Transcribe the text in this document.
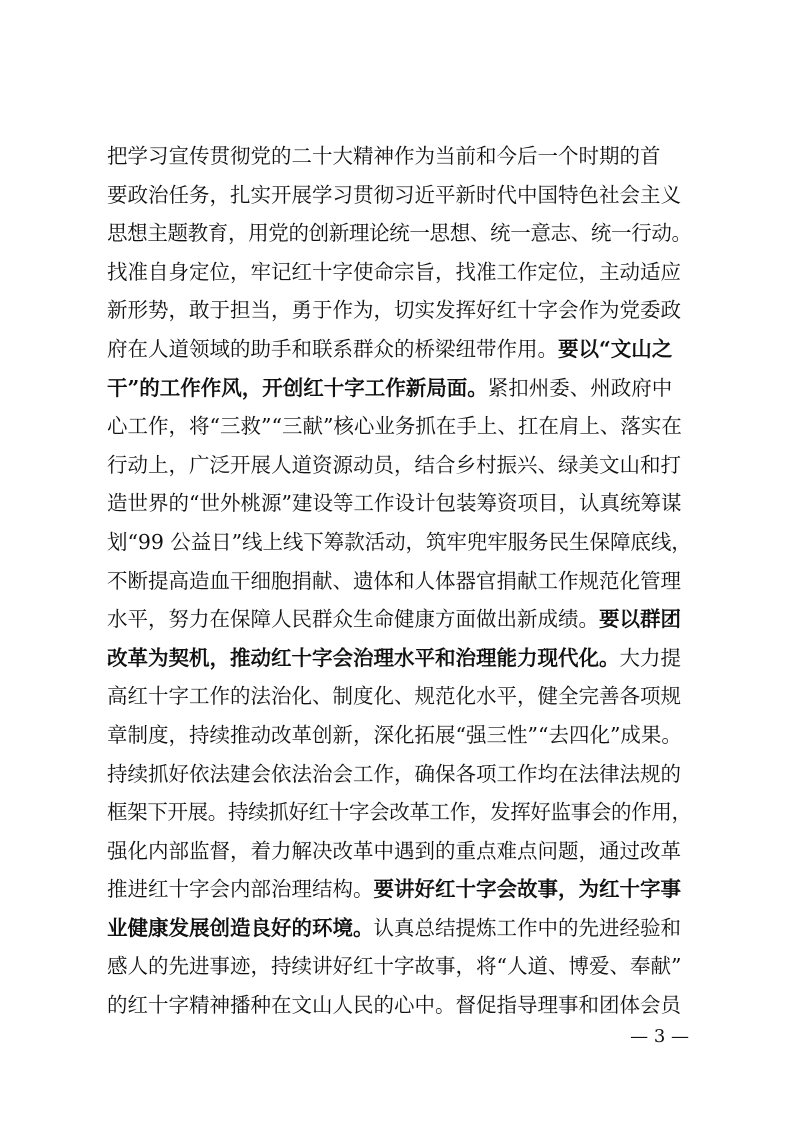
把学习宣传贯彻党的二十大精神作为当前和今后一个时期的首
要政治任务，扎实开展学习贯彻习近平新时代中国特色社会主义
思想主题教育，用党的创新理论统一思想、统一意志、统一行动。
找准自身定位，牢记红十字使命宗旨，找准工作定位，主动适应
新形势，敢于担当，勇于作为，切实发挥好红十字会作为党委政
府在人道领域的助手和联系群众的桥梁纽带作用。要以“文山之
干”的工作作风，开创红十字工作新局面。紧扣州委、州政府中
心工作，将“三救”“三献”核心业务抓在手上、扛在肩上、落实在
行动上，广泛开展人道资源动员，结合乡村振兴、绿美文山和打
造世界的“世外桃源”建设等工作设计包装筹资项目，认真统筹谋
划“99 公益日”线上线下筹款活动，筑牢兜牢服务民生保障底线，
不断提高造血干细胞捐献、遗体和人体器官捐献工作规范化管理
水平，努力在保障人民群众生命健康方面做出新成绩。要以群团
改革为契机，推动红十字会治理水平和治理能力现代化。大力提
高红十字工作的法治化、制度化、规范化水平，健全完善各项规
章制度，持续推动改革创新，深化拓展“强三性”“去四化”成果。
持续抓好依法建会依法治会工作，确保各项工作均在法律法规的
框架下开展。持续抓好红十字会改革工作，发挥好监事会的作用，
强化内部监督，着力解决改革中遇到的重点难点问题，通过改革
推进红十字会内部治理结构。要讲好红十字会故事，为红十字事
业健康发展创造良好的环境。认真总结提炼工作中的先进经验和
感人的先进事迹，持续讲好红十字故事，将“人道、博爱、奉献”
的红十字精神播种在文山人民的心中。督促指导理事和团体会员
— 3 —
